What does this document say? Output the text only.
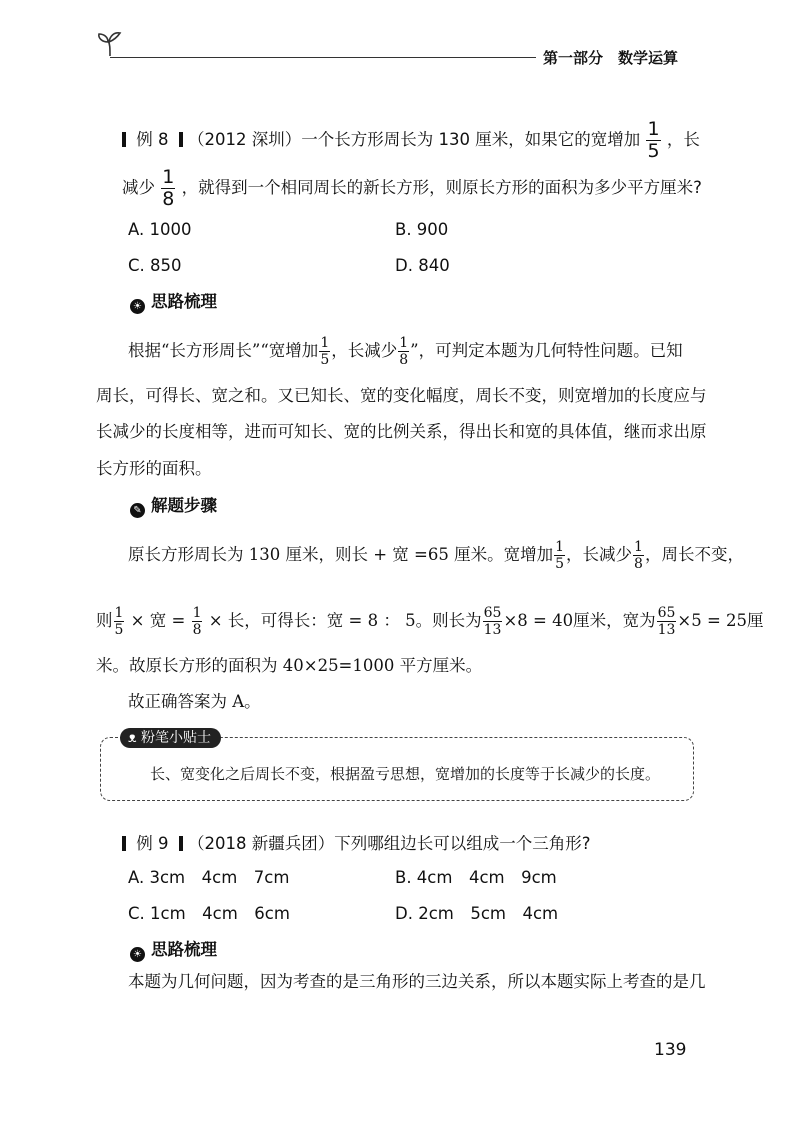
第一部分　数学运算
例 8 （2012 深圳）一个长方形周长为 130 厘米，如果它的宽增加 $\frac{1}{5}$ ，长
减少 $\frac{1}{8}$ ，就得到一个相同周长的新长方形，则原长方形的面积为多少平方厘米?
A. 1000	B. 900
C. 850	D. 840
☀ 思路梳理
根据“长方形周长”“宽增加 $\frac{1}{5}$ ，长减少 $\frac{1}{8}$ ”，可判定本题为几何特性问题。已知
周长，可得长、宽之和。又已知长、宽的变化幅度，周长不变，则宽增加的长度应与
长减少的长度相等，进而可知长、宽的比例关系，得出长和宽的具体值，继而求出原
长方形的面积。
✎ 解题步骤
原长方形周长为 130 厘米，则长 + 宽 =65 厘米。宽增加 $\frac{1}{5}$ ，长减少 $\frac{1}{8}$ ，周长不变，
则 $\frac{1}{5}$ × 宽 = $\frac{1}{8}$ × 长，可得长：宽 = 8 ： 5。则长为 $\frac{65}{13} \times 8 = 40$厘米，宽为 $\frac{65}{13} \times 5 = 25$厘
米。故原长方形的面积为 40×25=1000 平方厘米。
故正确答案为 A。
ᴥ 粉笔小贴士
长、宽变化之后周长不变，根据盈亏思想，宽增加的长度等于长减少的长度。
例 9 （2018 新疆兵团）下列哪组边长可以组成一个三角形?
A. 3cm　4cm　7cm	B. 4cm　4cm　9cm
C. 1cm　4cm　6cm	D. 2cm　5cm　4cm
☀ 思路梳理
本题为几何问题，因为考查的是三角形的三边关系，所以本题实际上考查的是几
139
